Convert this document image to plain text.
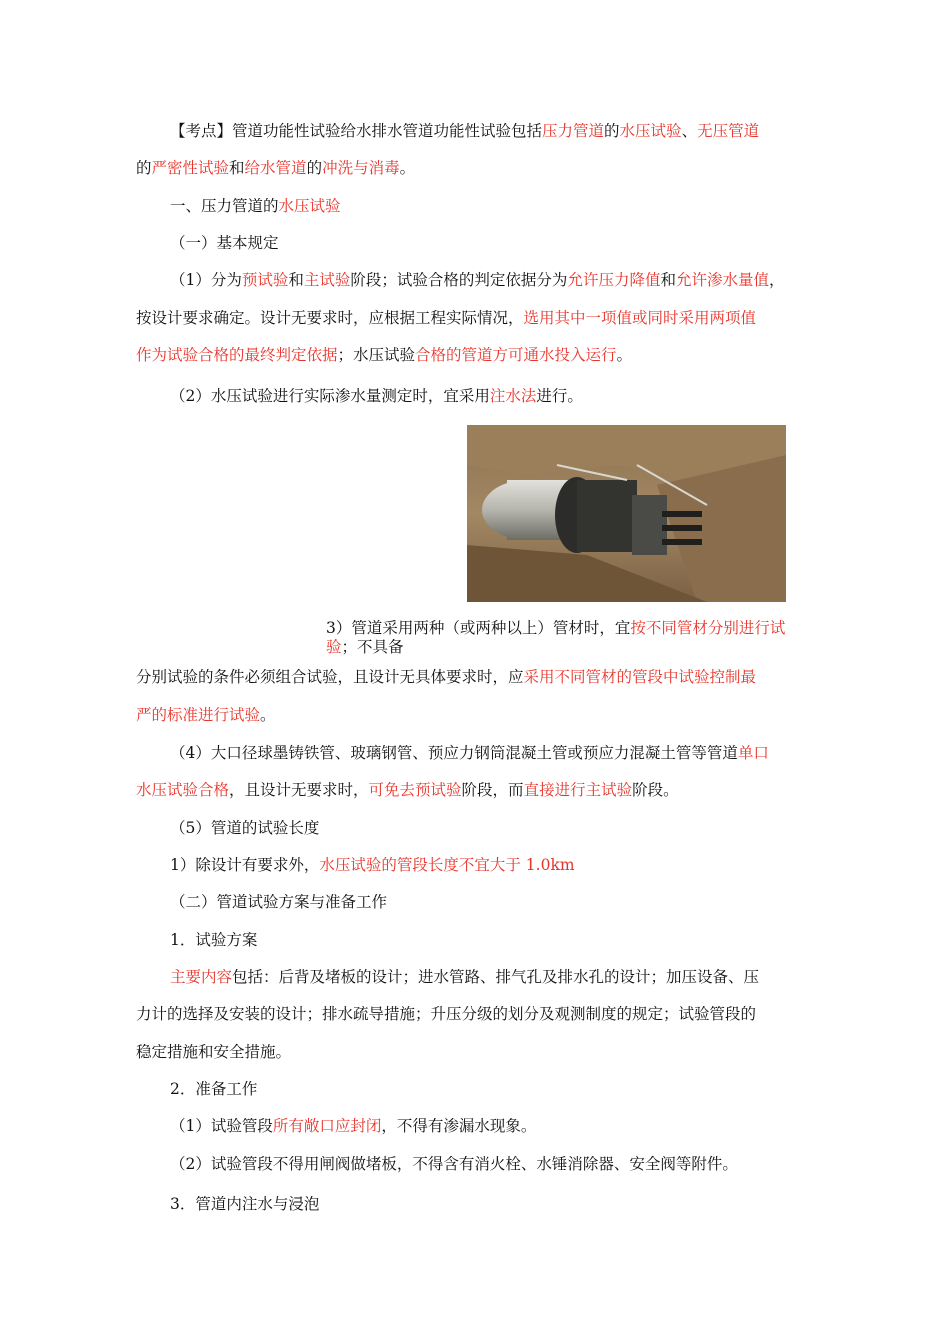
【考点】管道功能性试验给水排水管道功能性试验包括压力管道的水压试验、无压管道
的严密性试验和给水管道的冲洗与消毒。
一、压力管道的水压试验
（一）基本规定
（1）分为预试验和主试验阶段；试验合格的判定依据分为允许压力降值和允许渗水量值，
按设计要求确定。设计无要求时，应根据工程实际情况，选用其中一项值或同时采用两项值
作为试验合格的最终判定依据；水压试验合格的管道方可通水投入运行。
（2）水压试验进行实际渗水量测定时，宜采用注水法进行。
3）管道采用两种（或两种以上）管材时，宜按不同管材分别进行试
验；不具备
分别试验的条件必须组合试验，且设计无具体要求时，应采用不同管材的管段中试验控制最
严的标准进行试验。
（4）大口径球墨铸铁管、玻璃钢管、预应力钢筒混凝土管或预应力混凝土管等管道单口
水压试验合格，且设计无要求时，可免去预试验阶段，而直接进行主试验阶段。
（5）管道的试验长度
1）除设计有要求外，水压试验的管段长度不宜大于 1.0km
（二）管道试验方案与准备工作
1．试验方案
主要内容包括：后背及堵板的设计；进水管路、排气孔及排水孔的设计；加压设备、压
力计的选择及安装的设计；排水疏导措施；升压分级的划分及观测制度的规定；试验管段的
稳定措施和安全措施。
2．准备工作
（1）试验管段所有敞口应封闭，不得有渗漏水现象。
（2）试验管段不得用闸阀做堵板，不得含有消火栓、水锤消除器、安全阀等附件。
3．管道内注水与浸泡
